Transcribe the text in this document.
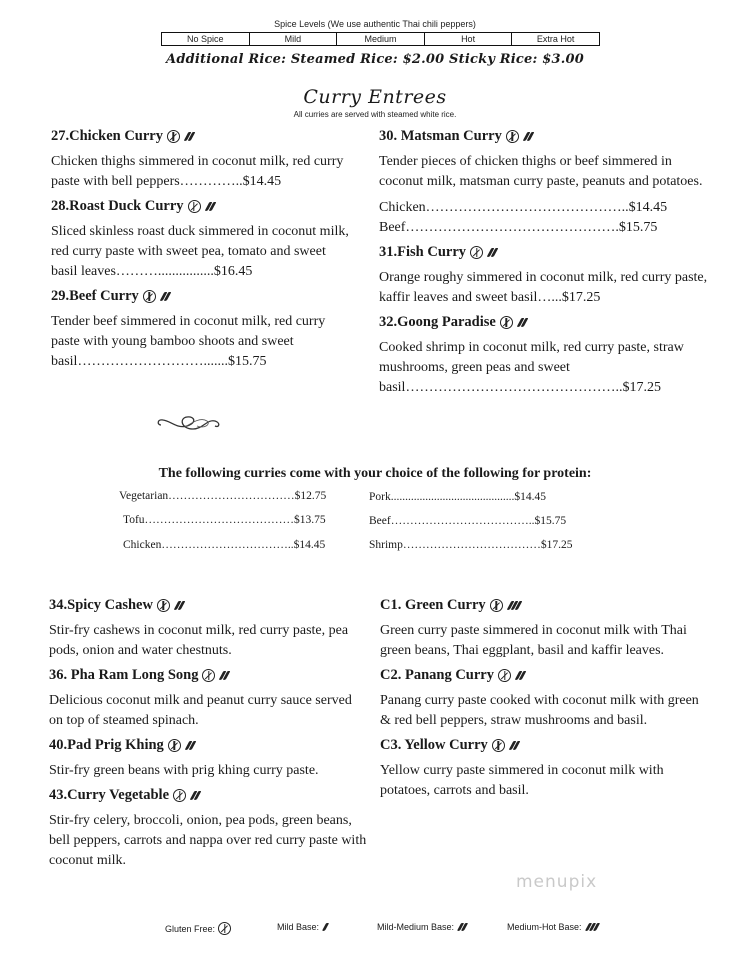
Spice Levels (We use authentic Thai chili peppers)
No Spice	Mild	Medium	Hot	Extra Hot
Additional Rice: Steamed Rice: $2.00 Sticky Rice: $3.00
Curry Entrees
All curries are served with steamed white rice.
27.Chicken Curry
Chicken thighs simmered in coconut milk, red curry paste with bell peppers…………..$14.45
28.Roast Duck Curry
Sliced skinless roast duck simmered in coconut milk, red curry paste with sweet pea, tomato and sweet basil leaves………................$16.45
29.Beef Curry
Tender beef simmered in coconut milk, red curry paste with young bamboo shoots and sweet basil……………………….......$15.75
30. Matsman Curry
Tender pieces of chicken thighs or beef simmered in coconut milk, matsman curry paste, peanuts and potatoes.
Chicken……………………………………..$14.45
Beef……………………………………….$15.75
31.Fish Curry
Orange roughy simmered in coconut milk, red curry paste, kaffir leaves and sweet basil…...$17.25
32.Goong Paradise
Cooked shrimp in coconut milk, red curry paste, straw mushrooms, green peas and sweet basil………………………………………..$17.25
The following curries come with your choice of the following for protein:
Vegetarian……………………………$12.75
Tofu…………………………………$13.75
Chicken……………………………..$14.45
Pork...........................................$14.45
Beef………………………………..$15.75
Shrimp………………………………$17.25
34.Spicy Cashew
Stir-fry cashews in coconut milk, red curry paste, pea pods, onion and water chestnuts.
36. Pha Ram Long Song
Delicious coconut milk and peanut curry sauce served on top of steamed spinach.
40.Pad Prig Khing
Stir-fry green beans with prig khing curry paste.
43.Curry Vegetable
Stir-fry celery, broccoli, onion, pea pods, green beans, bell peppers, carrots and nappa over red curry paste with coconut milk.
C1. Green Curry
Green curry paste simmered in coconut milk with Thai green beans, Thai eggplant, basil and kaffir leaves.
C2. Panang Curry
Panang curry paste cooked with coconut milk with green & red bell peppers, straw mushrooms and basil.
C3. Yellow Curry
Yellow curry paste simmered in coconut milk with potatoes, carrots and basil.
menupix
Gluten Free:	Mild Base:	Mild-Medium Base:	Medium-Hot Base:
